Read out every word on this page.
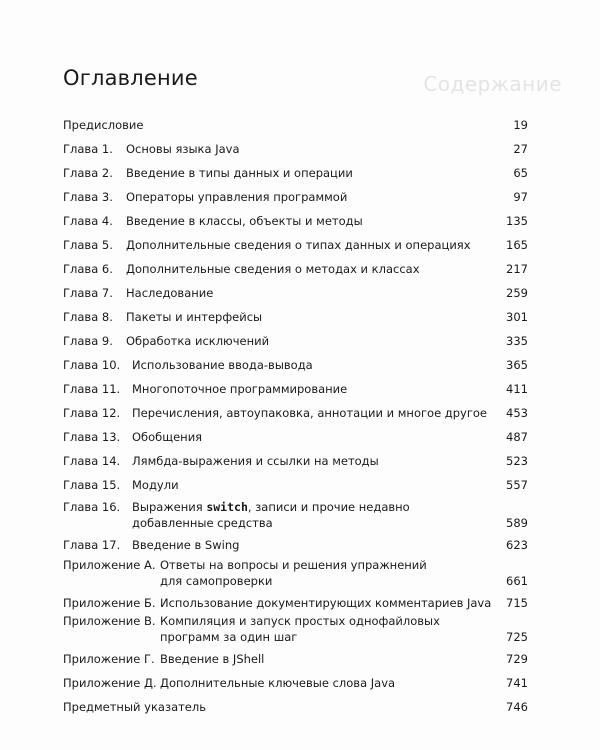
Содержание
Оглавление
Предисловие	19
Глава 1. Основы языка Java	27
Глава 2. Введение в типы данных и операции	65
Глава 3. Операторы управления программой	97
Глава 4. Введение в классы, объекты и методы	135
Глава 5. Дополнительные сведения о типах данных и операциях	165
Глава 6. Дополнительные сведения о методах и классах	217
Глава 7. Наследование	259
Глава 8. Пакеты и интерфейсы	301
Глава 9. Обработка исключений	335
Глава 10. Использование ввода-вывода	365
Глава 11. Многопоточное программирование	411
Глава 12. Перечисления, автоупаковка, аннотации и многое другое 453
Глава 13. Обобщения	487
Глава 14. Лямбда-выражения и ссылки на методы	523
Глава 15. Модули	557
Глава 16. Выражения switch, записи и прочие недавно
добавленные средства	589
Глава 17. Введение в Swing	623
Приложение А. Ответы на вопросы и решения упражнений
для самопроверки	661
Приложение Б. Использование документирующих комментариев Java 715
Приложение В. Компиляция и запуск простых однофайловых
программ за один шаг	725
Приложение Г. Введение в JShell	729
Приложение Д. Дополнительные ключевые слова Java	741
Предметный указатель	746
